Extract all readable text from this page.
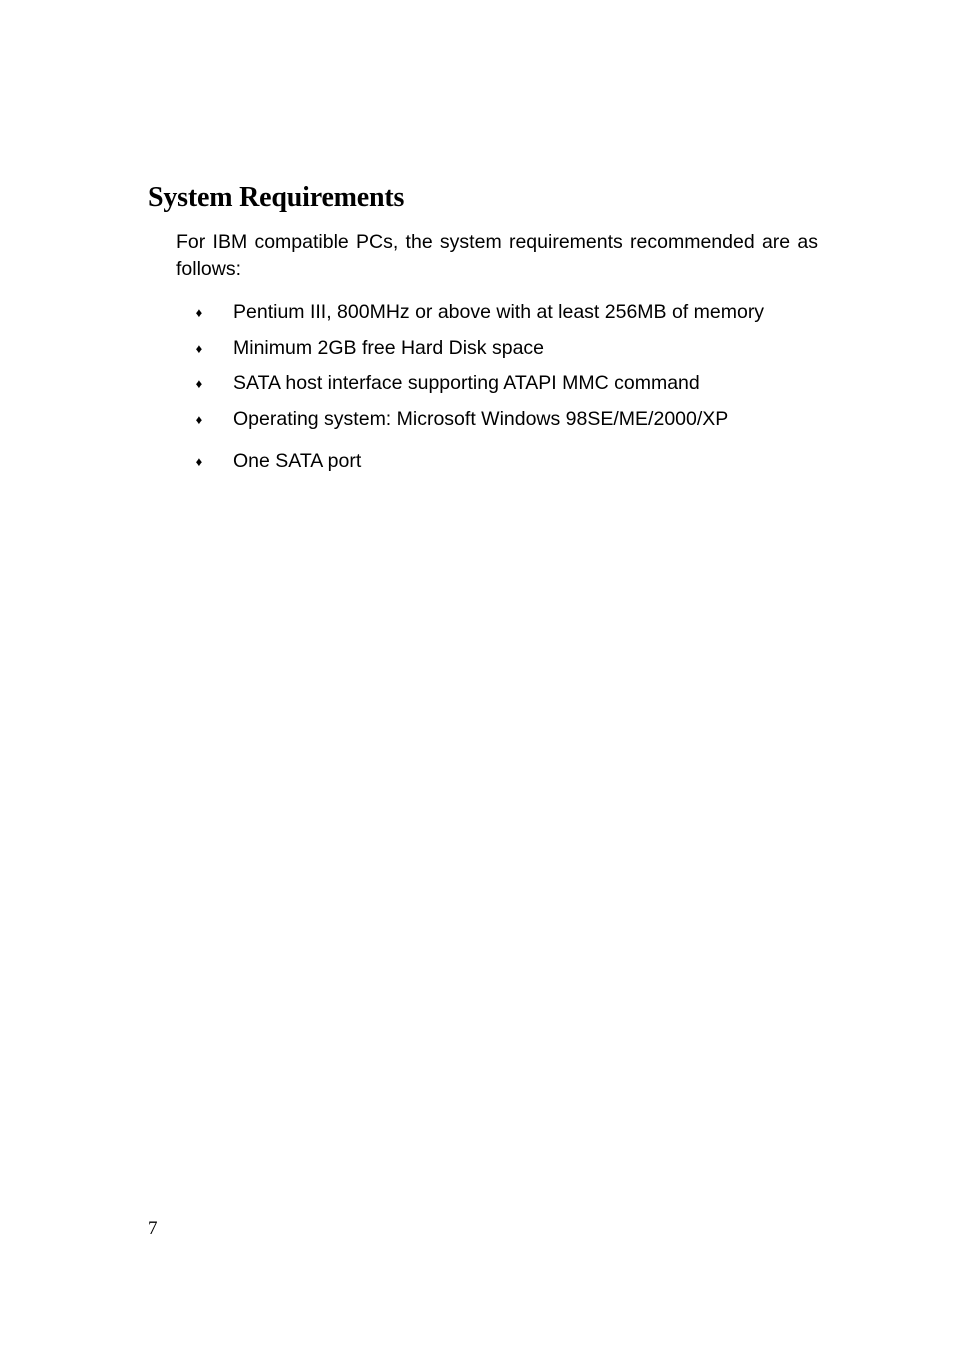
System Requirements

For IBM compatible PCs, the system requirements recommended are as follows:

♦ Pentium III, 800MHz or above with at least 256MB of memory
♦ Minimum 2GB free Hard Disk space
♦ SATA host interface supporting ATAPI MMC command
♦ Operating system: Microsoft Windows 98SE/ME/2000/XP
♦ One SATA port
7
